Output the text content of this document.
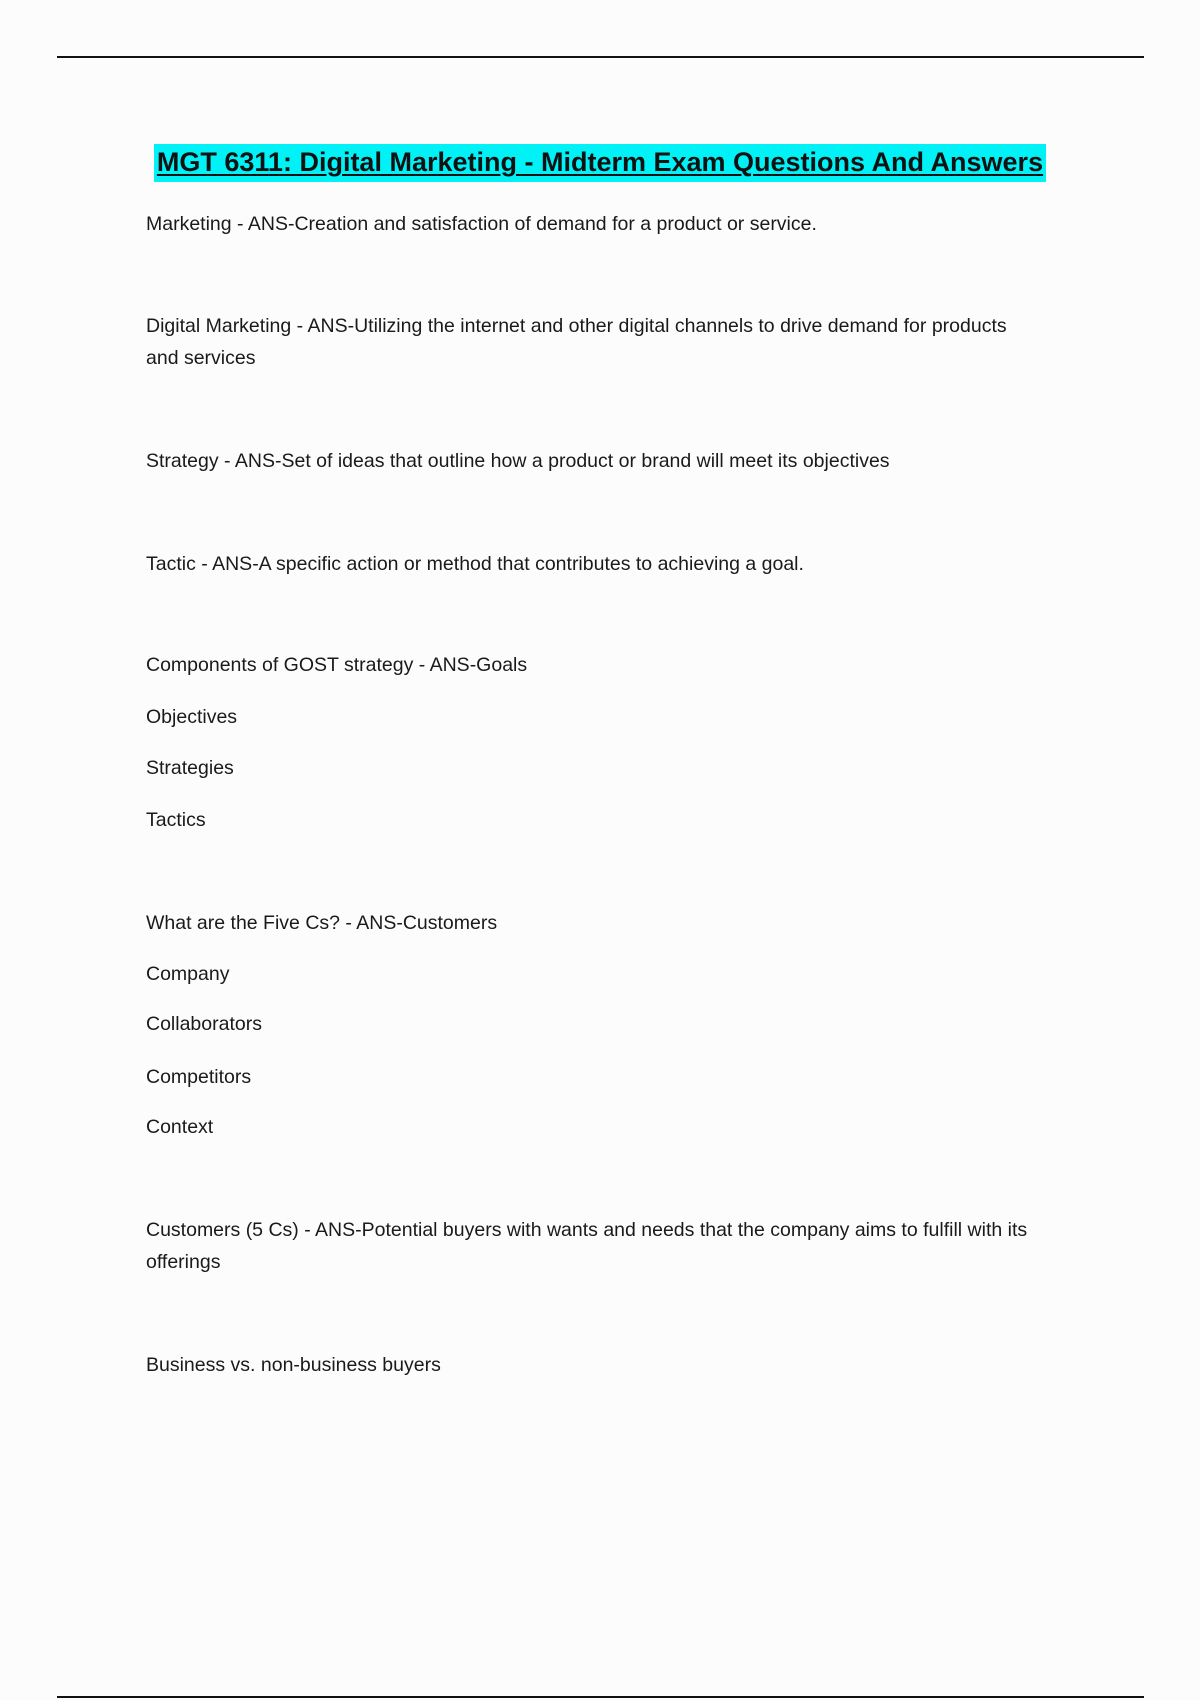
MGT 6311: Digital Marketing - Midterm Exam Questions And Answers
Marketing - ANS-Creation and satisfaction of demand for a product or service.
Digital Marketing - ANS-Utilizing the internet and other digital channels to drive demand for products
and services
Strategy - ANS-Set of ideas that outline how a product or brand will meet its objectives
Tactic - ANS-A specific action or method that contributes to achieving a goal.
Components of GOST strategy - ANS-Goals
Objectives
Strategies
Tactics
What are the Five Cs? - ANS-Customers
Company
Collaborators
Competitors
Context
Customers (5 Cs) - ANS-Potential buyers with wants and needs that the company aims to fulfill with its
offerings
Business vs. non-business buyers
